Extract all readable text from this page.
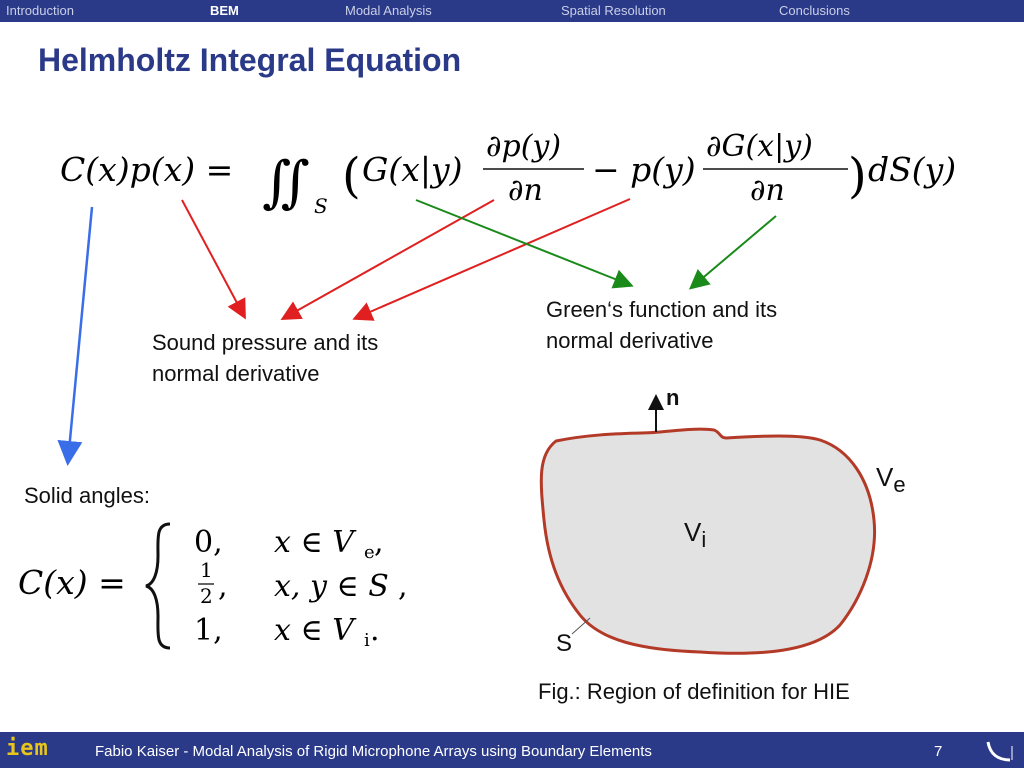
Introduction	BEM	Modal Analysis	Spatial Resolution	Conclusions
Helmholtz Integral Equation
C(x)p(x) = ∬ S
( G(x|y)
∂p(y)
∂n
− p(y)
∂G(x|y)
∂n ) dS(y)
C(x) =
0, x ∈ V e ,
1
2 , x, y ∈ S ,
1, x ∈ V i .
Sound pressure and its
normal derivative
Green‘s function and its
normal derivative
Solid angles:
n
$V_e$
$V_i$
S
Fig.: Region of definition for HIE
iem	Fabio Kaiser - Modal Analysis of Rigid Microphone Arrays using Boundary Elements	7
